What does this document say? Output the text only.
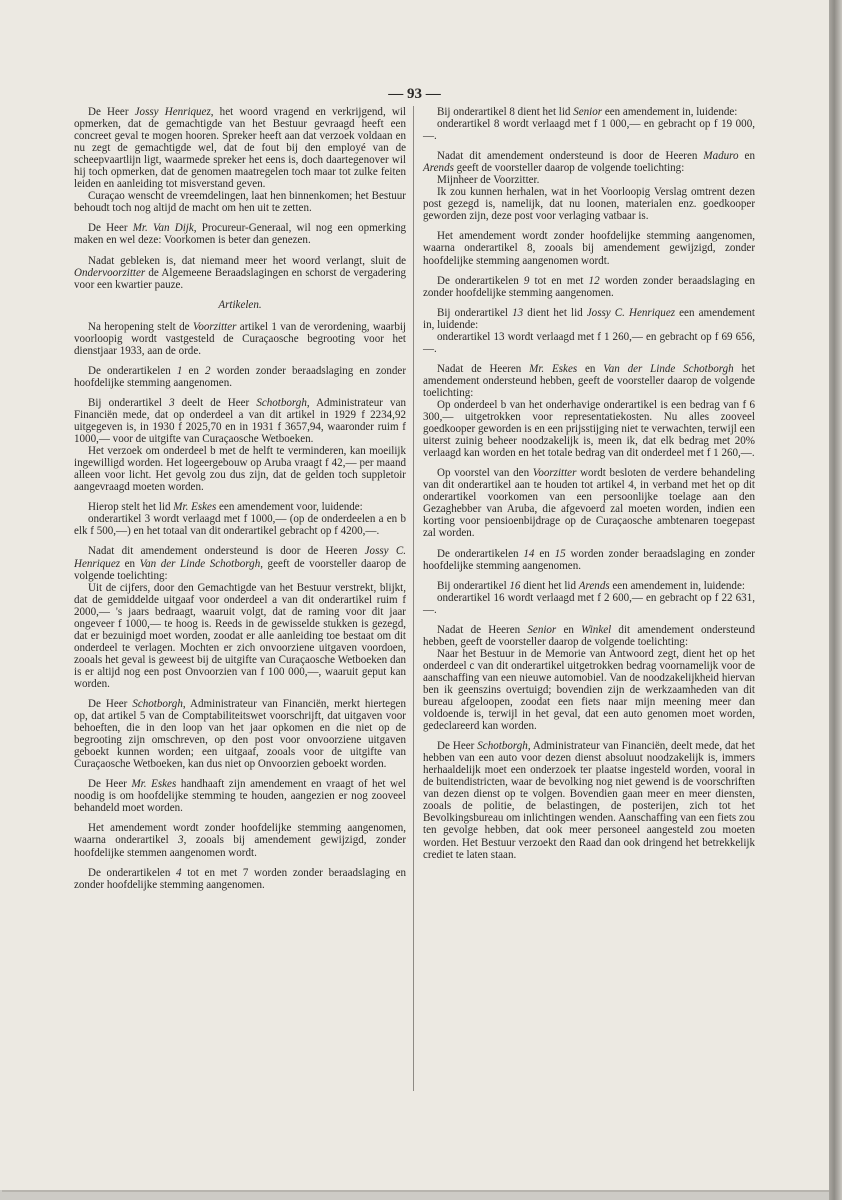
— 93 —

De Heer Jossy Henriquez, het woord vragend en verkrijgend, wil opmerken, dat de gemachtigde van het Bestuur gevraagd heeft een concreet geval te mogen hooren. Spreker heeft aan dat verzoek voldaan en nu zegt de gemachtigde wel, dat de fout bij den employé van de scheepvaartlijn ligt, waarmede spreker het eens is, doch daartegenover wil hij toch opmerken, dat de genomen maatregelen toch maar tot zulke feiten leiden en aanleiding tot misverstand geven.

Curaçao wenscht de vreemdelingen, laat hen binnenkomen; het Bestuur behoudt toch nog altijd de macht om hen uit te zetten.

De Heer Mr. Van Dijk, Procureur-Generaal, wil nog een opmerking maken en wel deze: Voorkomen is beter dan genezen.

Nadat gebleken is, dat niemand meer het woord verlangt, sluit de Ondervoorzitter de Algemeene Beraadslagingen en schorst de vergadering voor een kwartier pauze.

Artikelen.

Na heropening stelt de Voorzitter artikel 1 van de verordening, waarbij voorloopig wordt vastgesteld de Curaçaosche begrooting voor het dienstjaar 1933, aan de orde.

De onderartikelen 1 en 2 worden zonder beraadslaging en zonder hoofdelijke stemming aangenomen.

Bij onderartikel 3 deelt de Heer Schotborgh, Administrateur van Financiën mede, dat op onderdeel a van dit artikel in 1929 f 2234,92 uitgegeven is, in 1930 f 2025,70 en in 1931 f 3657,94, waaronder ruim f 1000,— voor de uitgifte van Curaçaosche Wetboeken.

Het verzoek om onderdeel b met de helft te verminderen, kan moeilijk ingewilligd worden. Het logeergebouw op Aruba vraagt f 42,— per maand alleen voor licht. Het gevolg zou dus zijn, dat de gelden toch suppletoir aangevraagd moeten worden.

Hierop stelt het lid Mr. Eskes een amendement voor, luidende:

onderartikel 3 wordt verlaagd met f 1000,— (op de onderdeelen a en b elk f 500,—) en het totaal van dit onderartikel gebracht op f 4200,—.

Nadat dit amendement ondersteund is door de Heeren Jossy C. Henriquez en Van der Linde Schotborgh, geeft de voorsteller daarop de volgende toelichting:

Uit de cijfers, door den Gemachtigde van het Bestuur verstrekt, blijkt, dat de gemiddelde uitgaaf voor onderdeel a van dit onderartikel ruim f 2000,— 's jaars bedraagt, waaruit volgt, dat de raming voor dit jaar ongeveer f 1000,— te hoog is. Reeds in de gewisselde stukken is gezegd, dat er bezuinigd moet worden, zoodat er alle aanleiding toe bestaat om dit onderdeel te verlagen. Mochten er zich onvoorziene uitgaven voordoen, zooals het geval is geweest bij de uitgifte van Curaçaosche Wetboeken dan is er altijd nog een post Onvoorzien van f 100 000,—, waaruit geput kan worden.

De Heer Schotborgh, Administrateur van Financiën, merkt hiertegen op, dat artikel 5 van de Comptabiliteitswet voorschrijft, dat uitgaven voor behoeften, die in den loop van het jaar opkomen en die niet op de begrooting zijn omschreven, op den post voor onvoorziene uitgaven geboekt kunnen worden; een uitgaaf, zooals voor de uitgifte van Curaçaosche Wetboeken, kan dus niet op Onvoorzien geboekt worden.

De Heer Mr. Eskes handhaaft zijn amendement en vraagt of het wel noodig is om hoofdelijke stemming te houden, aangezien er nog zooveel behandeld moet worden.

Het amendement wordt zonder hoofdelijke stemming aangenomen, waarna onderartikel 3, zooals bij amendement gewijzigd, zonder hoofdelijke stemmen aangenomen wordt.

De onderartikelen 4 tot en met 7 worden zonder beraadslaging en zonder hoofdelijke stemming aangenomen.

Bij onderartikel 8 dient het lid Senior een amendement in, luidende:

onderartikel 8 wordt verlaagd met f 1 000,— en gebracht op f 19 000,—.

Nadat dit amendement ondersteund is door de Heeren Maduro en Arends geeft de voorsteller daarop de volgende toelichting:

Mijnheer de Voorzitter.

Ik zou kunnen herhalen, wat in het Voorloopig Verslag omtrent dezen post gezegd is, namelijk, dat nu loonen, materialen enz. goedkooper geworden zijn, deze post voor verlaging vatbaar is.

Het amendement wordt zonder hoofdelijke stemming aangenomen, waarna onderartikel 8, zooals bij amendement gewijzigd, zonder hoofdelijke stemming aangenomen wordt.

De onderartikelen 9 tot en met 12 worden zonder beraadslaging en zonder hoofdelijke stemming aangenomen.

Bij onderartikel 13 dient het lid Jossy C. Henriquez een amendement in, luidende:

onderartikel 13 wordt verlaagd met f 1 260,— en gebracht op f 69 656,—.

Nadat de Heeren Mr. Eskes en Van der Linde Schotborgh het amendement ondersteund hebben, geeft de voorsteller daarop de volgende toelichting:

Op onderdeel b van het onderhavige onderartikel is een bedrag van f 6 300,— uitgetrokken voor representatiekosten. Nu alles zooveel goedkooper geworden is en een prijsstijging niet te verwachten, terwijl een uiterst zuinig beheer noodzakelijk is, meen ik, dat elk bedrag met 20% verlaagd kan worden en het totale bedrag van dit onderdeel met f 1 260,—.

Op voorstel van den Voorzitter wordt besloten de verdere behandeling van dit onderartikel aan te houden tot artikel 4, in verband met het op dit onderartikel voorkomen van een persoonlijke toelage aan den Gezaghebber van Aruba, die afgevoerd zal moeten worden, indien een korting voor pensioenbijdrage op de Curaçaosche ambtenaren toegepast zal worden.

De onderartikelen 14 en 15 worden zonder beraadslaging en zonder hoofdelijke stemming aangenomen.

Bij onderartikel 16 dient het lid Arends een amendement in, luidende:

onderartikel 16 wordt verlaagd met f 2 600,— en gebracht op f 22 631,—.

Nadat de Heeren Senior en Winkel dit amendement ondersteund hebben, geeft de voorsteller daarop de volgende toelichting:

Naar het Bestuur in de Memorie van Antwoord zegt, dient het op het onderdeel c van dit onderartikel uitgetrokken bedrag voornamelijk voor de aanschaffing van een nieuwe automobiel. Van de noodzakelijkheid hiervan ben ik geenszins overtuigd; bovendien zijn de werkzaamheden van dit bureau afgeloopen, zoodat een fiets naar mijn meening meer dan voldoende is, terwijl in het geval, dat een auto genomen moet worden, gedeclareerd kan worden.

De Heer Schotborgh, Administrateur van Financiën, deelt mede, dat het hebben van een auto voor dezen dienst absoluut noodzakelijk is, immers herhaaldelijk moet een onderzoek ter plaatse ingesteld worden, vooral in de buitendistricten, waar de bevolking nog niet gewend is de voorschriften van dezen dienst op te volgen. Bovendien gaan meer en meer diensten, zooals de politie, de belastingen, de posterijen, zich tot het Bevolkingsbureau om inlichtingen wenden. Aanschaffing van een fiets zou ten gevolge hebben, dat ook meer personeel aangesteld zou moeten worden. Het Bestuur verzoekt den Raad dan ook dringend het betrekkelijk crediet te laten staan.
